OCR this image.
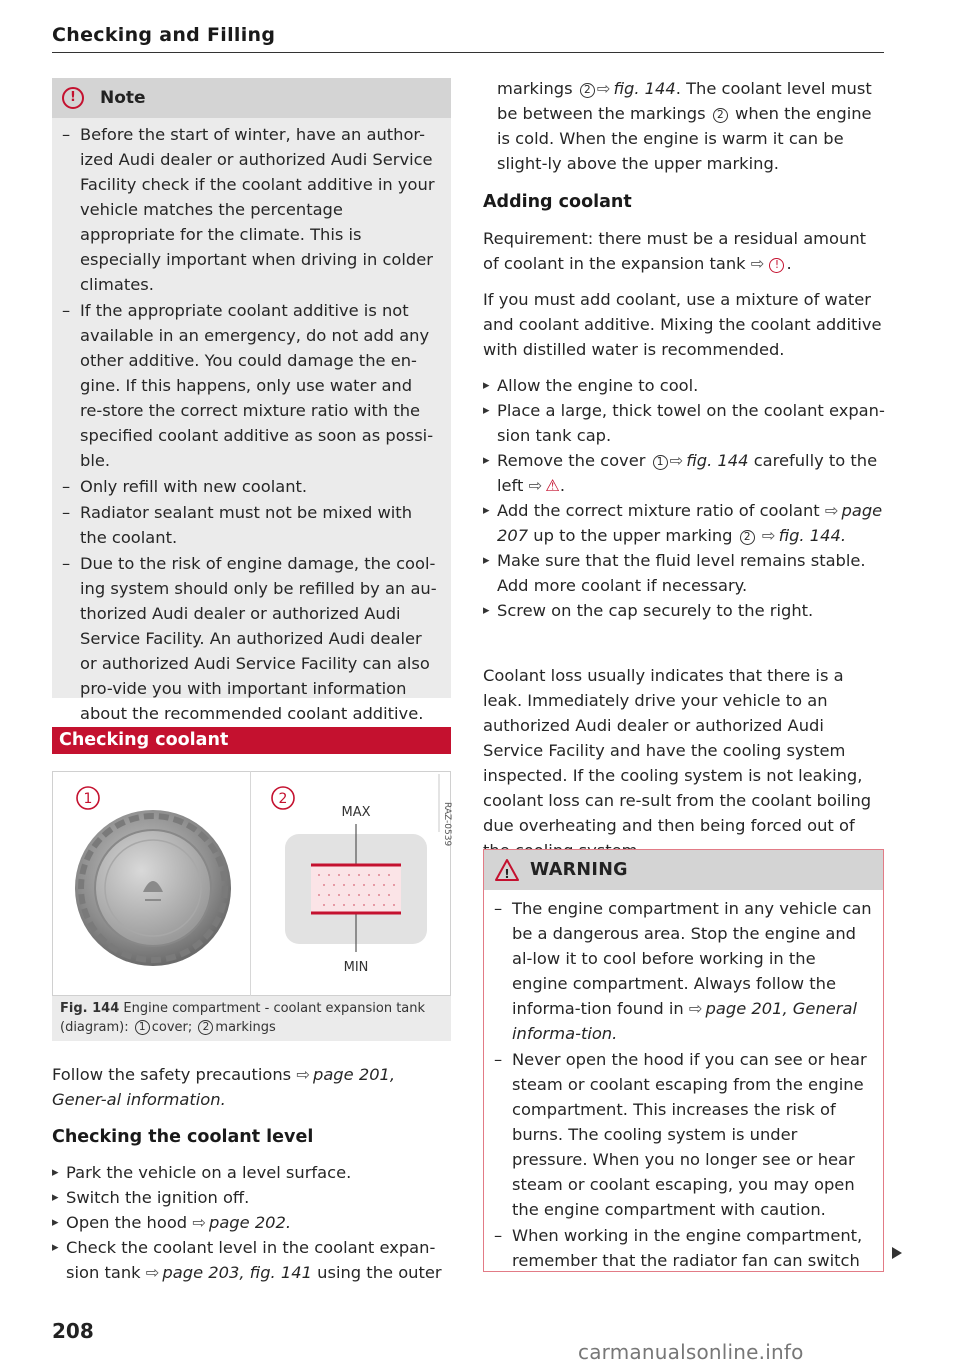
Checking and Filling
!	Note
– Before the start of winter, have an author-ized Audi dealer or authorized Audi Service Facility check if the coolant additive in your vehicle matches the percentage appropriate for the climate. This is especially important when driving in colder climates.
– If the appropriate coolant additive is not available in an emergency, do not add any other additive. You could damage the en-gine. If this happens, only use water and re-store the correct mixture ratio with the specified coolant additive as soon as possi-ble.
– Only refill with new coolant.
– Radiator sealant must not be mixed with the coolant.
– Due to the risk of engine damage, the cool-ing system should only be refilled by an au-thorized Audi dealer or authorized Audi Service Facility. An authorized Audi dealer or authorized Audi Service Facility can also pro-vide you with important information about the recommended coolant additive.
Checking coolant
1	2
MAX
MIN
RAZ-0539
Fig. 144 Engine compartment - coolant expansion tank (diagram): 1 cover; 2 markings
Follow the safety precautions ⇨ page 201, Gener-al information.
Checking the coolant level
▸ Park the vehicle on a level surface.
▸ Switch the ignition off.
▸ Open the hood ⇨ page 202.
▸ Check the coolant level in the coolant expan-sion tank ⇨ page 203, fig. 141 using the outer
markings 2 ⇨ fig. 144. The coolant level must be between the markings 2 when the engine is cold. When the engine is warm it can be slight-ly above the upper marking.
Adding coolant
Requirement: there must be a residual amount of coolant in the expansion tank ⇨ ! .
If you must add coolant, use a mixture of water and coolant additive. Mixing the coolant additive with distilled water is recommended.
▸ Allow the engine to cool.
▸ Place a large, thick towel on the coolant expan-sion tank cap.
▸ Remove the cover 1 ⇨ fig. 144 carefully to the left ⇨ ⚠.
▸ Add the correct mixture ratio of coolant ⇨ page 207 up to the upper marking 2 ⇨ fig. 144.
▸ Make sure that the fluid level remains stable. Add more coolant if necessary.
▸ Screw on the cap securely to the right.
Coolant loss usually indicates that there is a leak. Immediately drive your vehicle to an authorized Audi dealer or authorized Audi Service Facility and have the cooling system inspected. If the cooling system is not leaking, coolant loss can re-sult from the coolant boiling due overheating and then being forced out of
! WARNING
– The engine compartment in any vehicle can be a dangerous area. Stop the engine and al-low it to cool before working in the engine compartment. Always follow the informa-tion found in ⇨ page 201, General informa-tion.
– Never open the hood if you can see or hear steam or coolant escaping from the engine compartment. This increases the risk of burns. The cooling system is under pressure. When you no longer see or hear steam or coolant escaping, you may open the engine compartment with caution.
– When working in the engine compartment, remember that the radiator fan can switch
208
carmanualsonline.info
